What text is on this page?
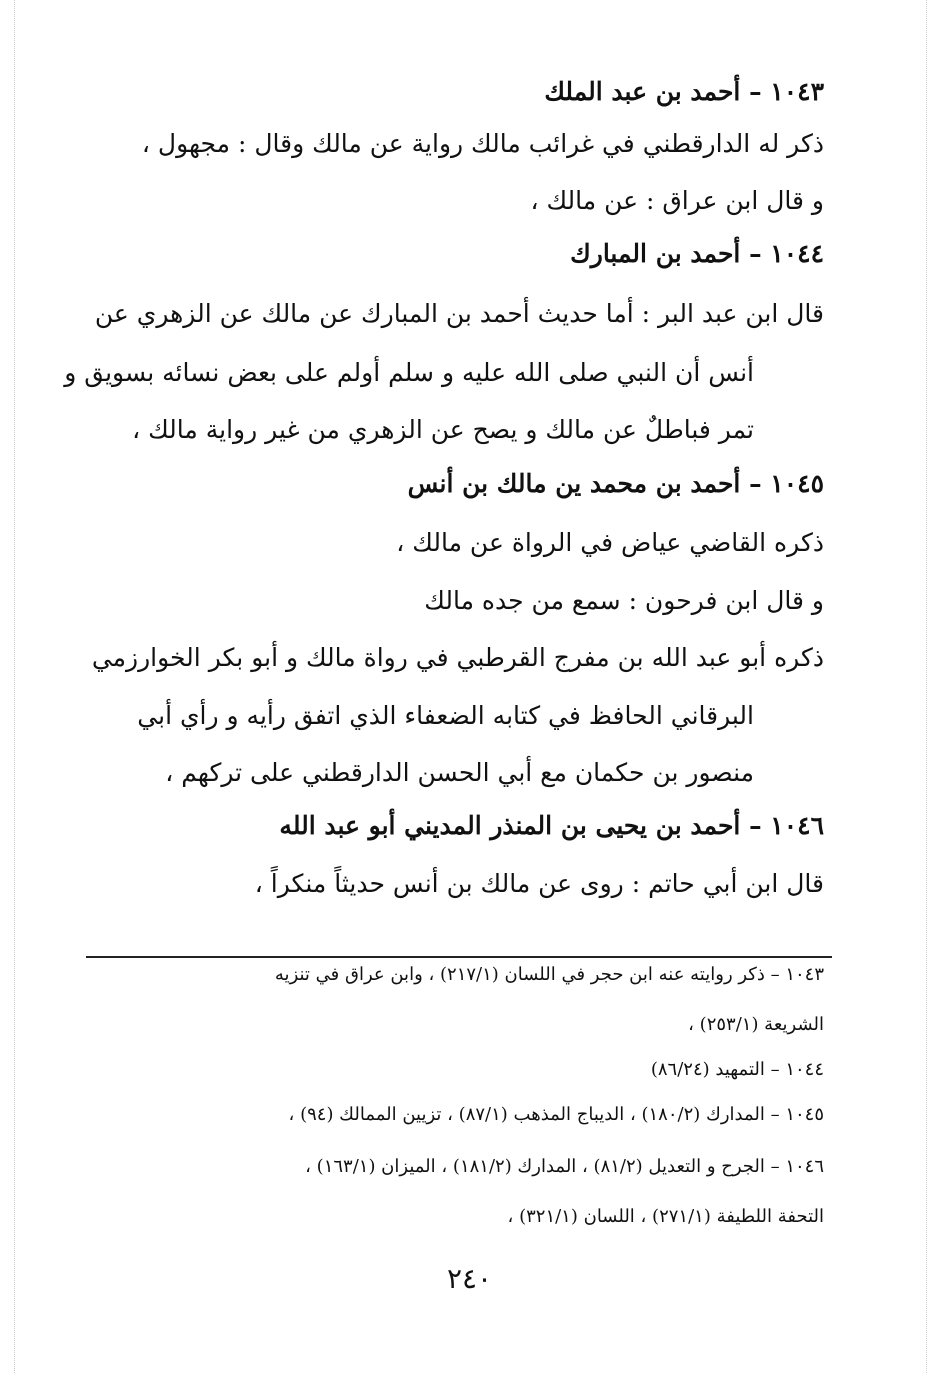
١٠٤٣ – أحمد بن عبد الملك
ذكر له الدارقطني في غرائب مالك رواية عن مالك وقال : مجهول ،
و قال ابن عراق : عن مالك ،
١٠٤٤ – أحمد بن المبارك
قال ابن عبد البر : أما حديث أحمد بن المبارك عن مالك عن الزهري عن
أنس أن النبي صلى الله عليه و سلم أولم على بعض نسائه بسويق و
تمر فباطلٌ عن مالك و يصح عن الزهري من غير رواية مالك ،
١٠٤٥ – أحمد بن محمد ين مالك بن أنس
ذكره القاضي عياض في الرواة عن مالك ،
و قال ابن فرحون : سمع من جده مالك
ذكره أبو عبد الله بن مفرج القرطبي في رواة مالك و أبو بكر الخوارزمي
البرقاني الحافظ في كتابه الضعفاء الذي اتفق رأيه و رأي أبي
منصور بن حكمان مع أبي الحسن الدارقطني على تركهم ،
١٠٤٦ – أحمد بن يحيى بن المنذر المديني أبو عبد الله
قال ابن أبي حاتم : روى عن مالك بن أنس حديثاً منكراً ،
١٠٤٣ – ذكر روايته عنه ابن حجر في اللسان (٢١٧/١) ، وابن عراق في تنزيه
الشريعة (٢٥٣/١) ،
١٠٤٤ – التمهيد (٨٦/٢٤)
١٠٤٥ – المدارك (١٨٠/٢) ، الديباج المذهب (٨٧/١) ، تزيين الممالك (٩٤) ،
١٠٤٦ – الجرح و التعديل (٨١/٢) ، المدارك (١٨١/٢) ، الميزان (١٦٣/١) ،
التحفة اللطيفة (٢٧١/١) ، اللسان (٣٢١/١) ،
٢٤٠
